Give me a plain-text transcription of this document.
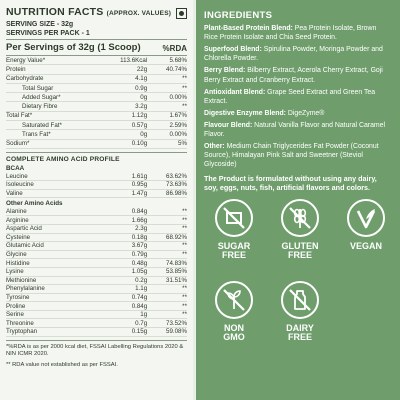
NUTRITION FACTS (APPROX. VALUES)
SERVING SIZE - 32g
SERVINGS PER PACK - 1
Per Servings of 32g (1 Scoop)	%RDA
Energy Value*	113.6Kcal	5.68%
Protein	22g	40.74%
Carbohydrate	4.1g	**
Total Sugar	0.9g	**
Added Sugar*	0g	0.00%
Dietary Fibre	3.2g	**
Total Fat*	1.12g	1.67%
Saturated Fat*	0.57g	2.59%
Trans Fat*	0g	0.00%
Sodium*	0.10g	5%
COMPLETE AMINO ACID PROFILE
BCAA
Leucine	1.61g	63.62%
Isoleucine	0.95g	73.63%
Valine	1.47g	86.98%
Other Amino Acids
Alanine	0.84g	**
Arginine	1.66g	**
Aspartic Acid	2.3g	**
Cysteine	0.18g	68.92%
Glutamic Acid	3.67g	**
Glycine	0.79g	**
Histidine	0.48g	74.83%
Lysine	1.05g	53.85%
Methionine	0.2g	31.51%
Phenylalanine	1.1g	**
Tyrosine	0.74g	**
Proline	0.84g	**
Serine	1g	**
Threonine	0.7g	73.52%
Tryptophan	0.15g	59.08%

*%RDA is as per 2000 kcal diet, FSSAI Labelling Regulations 2020 & NIN ICMR 2020.

** RDA value not established as per FSSAI.

INGREDIENTS
Plant-Based Protein Blend: Pea Protein Isolate, Brown Rice Protein Isolate and Chia Seed Protein.
Superfood Blend: Spirulina Powder, Moringa Powder and Chlorella Powder.
Berry Blend: Bilberry Extract, Acerola Cherry Extract, Goji Berry Extract and Cranberry Extract.
Antioxidant Blend: Grape Seed Extract and Green Tea Extract.
Digestive Enzyme Blend: DigeZyme®
Flavour Blend: Natural Vanilla Flavor and Natural Caramel Flavor.
Other: Medium Chain Triglycerides Fat Powder (Coconut Source), Himalayan Pink Salt and Sweetner (Steviol Glycoside)
The Product is formulated without using any dairy, soy, eggs, nuts, fish, artificial flavors and colors.
SUGAR
FREE
GLUTEN
FREE
VEGAN

NON
GMO
DAIRY
FREE
